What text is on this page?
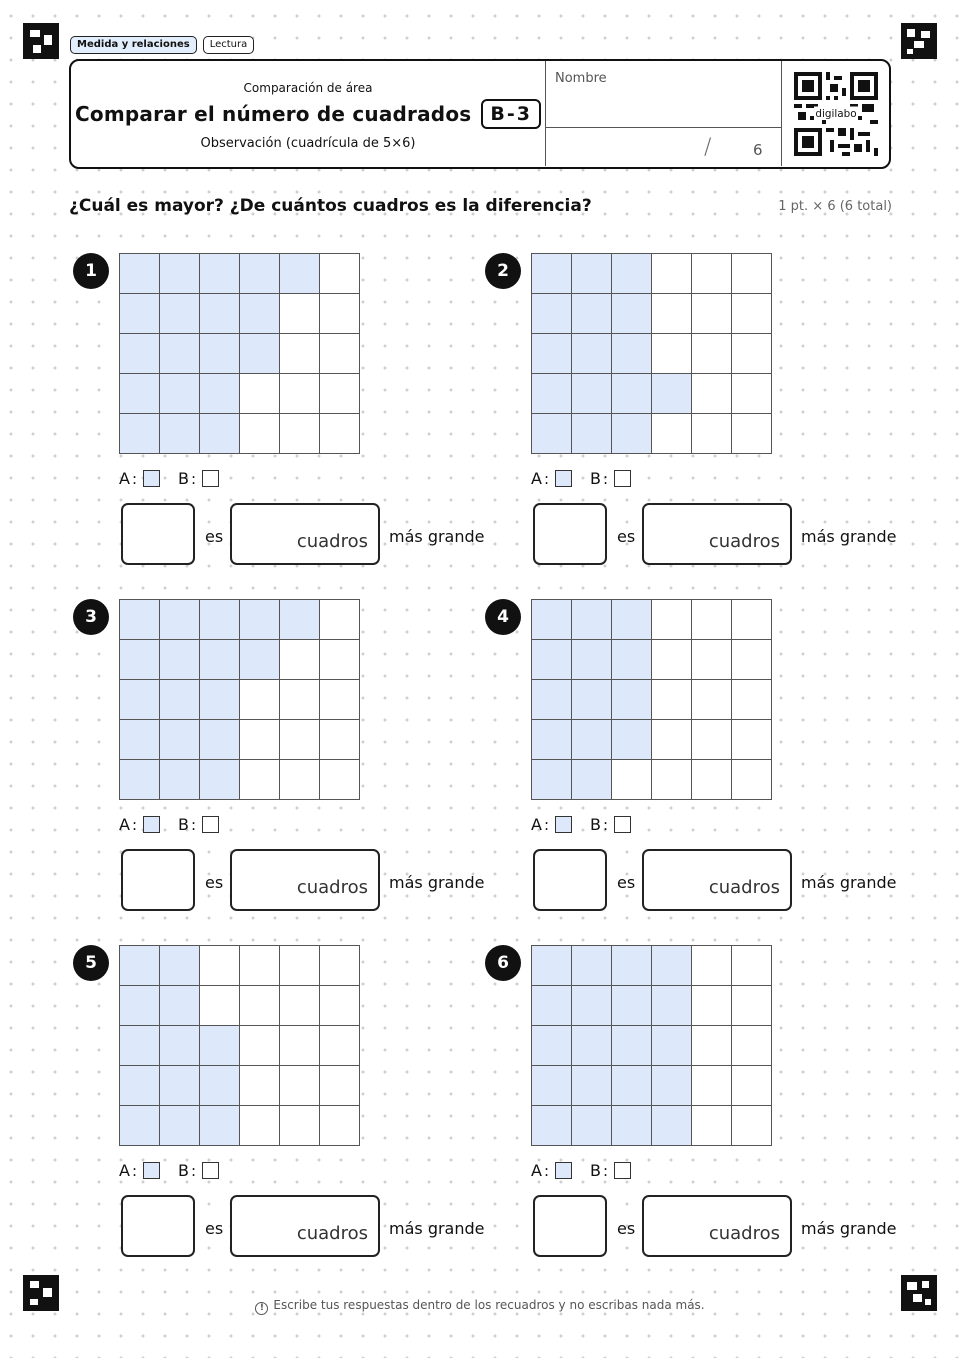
Medida y relaciones	Lectura
Comparación de área
Comparar el número de cuadrados	B-3
Observación (cuadrícula de 5×6)
Nombre
/	6
digilabo
¿Cuál es mayor? ¿De cuántos cuadros es la diferencia?	1 pt. × 6 (6 total)
1
A :	B :
es	cuadros más grande
2
A :	B :
es	cuadros más grande
3
A :	B :
es	cuadros más grande
4
A :	B :
es	cuadros más grande
5
A :	B :
es	cuadros más grande
6
A :	B :
es	cuadros más grande
! Escribe tus respuestas dentro de los recuadros y no escribas nada más.
